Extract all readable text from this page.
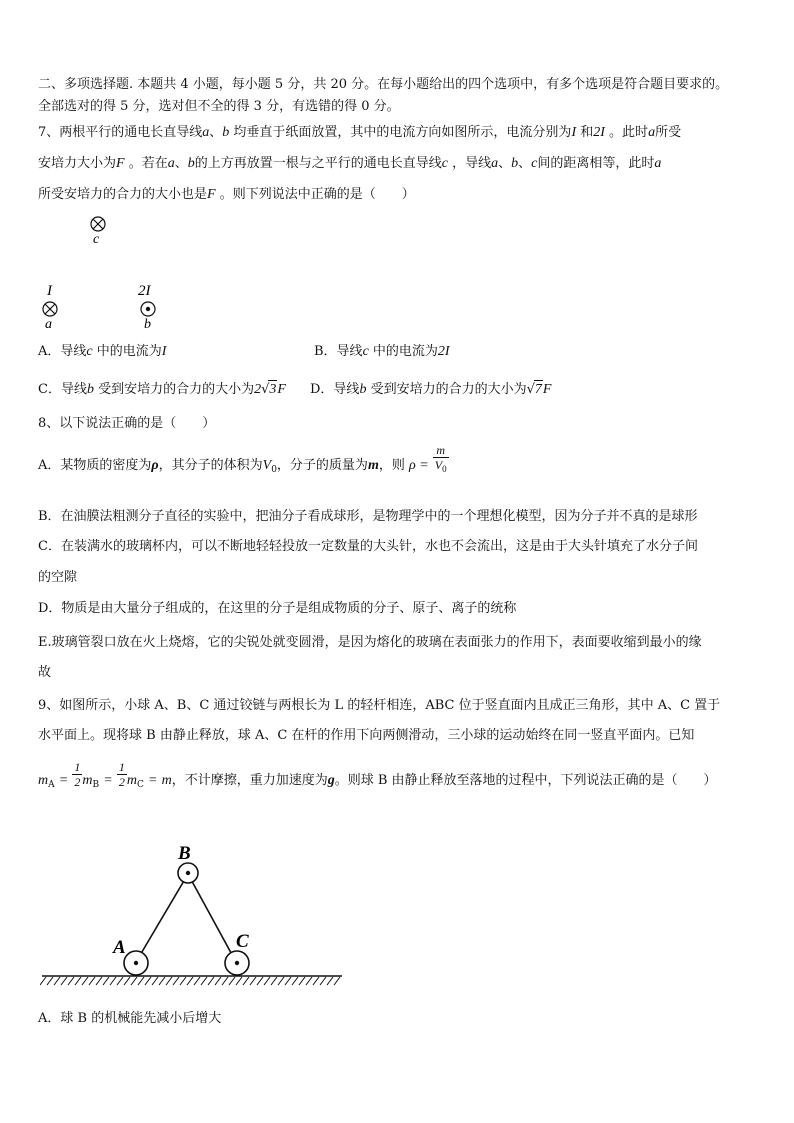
二、多项选择题. 本题共 4 小题，每小题 5 分，共 20 分。在每小题给出的四个选项中，有多个选项是符合题目要求的。
全部选对的得 5 分，选对但不全的得 3 分，有选错的得 0 分。
7、两根平行的通电长直导线a、b 均垂直于纸面放置，其中的电流方向如图所示，电流分别为I 和2I 。此时a所受
安培力大小为F 。若在a、b的上方再放置一根与之平行的通电长直导线c ，导线a、b、c间的距离相等，此时a
所受安培力的合力的大小也是F 。则下列说法中正确的是（　　）
c
I
a
2I
b
A．导线c 中的电流为I	B．导线c 中的电流为2I
C．导线b 受到安培力的合力的大小为2√3F D．导线b 受到安培力的合力的大小为√7F
8、以下说法正确的是（　　）
A．某物质的密度为ρ，其分子的体积为$V_0$，分子的质量为m，则 $\rho = \frac{m}{V_0}$
B．在油膜法粗测分子直径的实验中，把油分子看成球形，是物理学中的一个理想化模型，因为分子并不真的是球形
C．在装满水的玻璃杯内，可以不断地轻轻投放一定数量的大头针，水也不会流出，这是由于大头针填充了水分子间
的空隙
D．物质是由大量分子组成的，在这里的分子是组成物质的分子、原子、离子的统称
E.玻璃管裂口放在火上烧熔，它的尖锐处就变圆滑，是因为熔化的玻璃在表面张力的作用下，表面要收缩到最小的缘
故
9、如图所示，小球 A、B、C 通过铰链与两根长为 L 的轻杆相连，ABC 位于竖直面内且成正三角形，其中 A、C 置于
水平面上。现将球 B 由静止释放，球 A、C 在杆的作用下向两侧滑动，三小球的运动始终在同一竖直平面内。已知
$m_A = \frac{1}{2} m_B = \frac{1}{2} m_C = m$，不计摩擦，重力加速度为g。则球 B 由静止释放至落地的过程中，下列说法正确的是（　　）
B
A	C
A．球 B 的机械能先减小后增大
